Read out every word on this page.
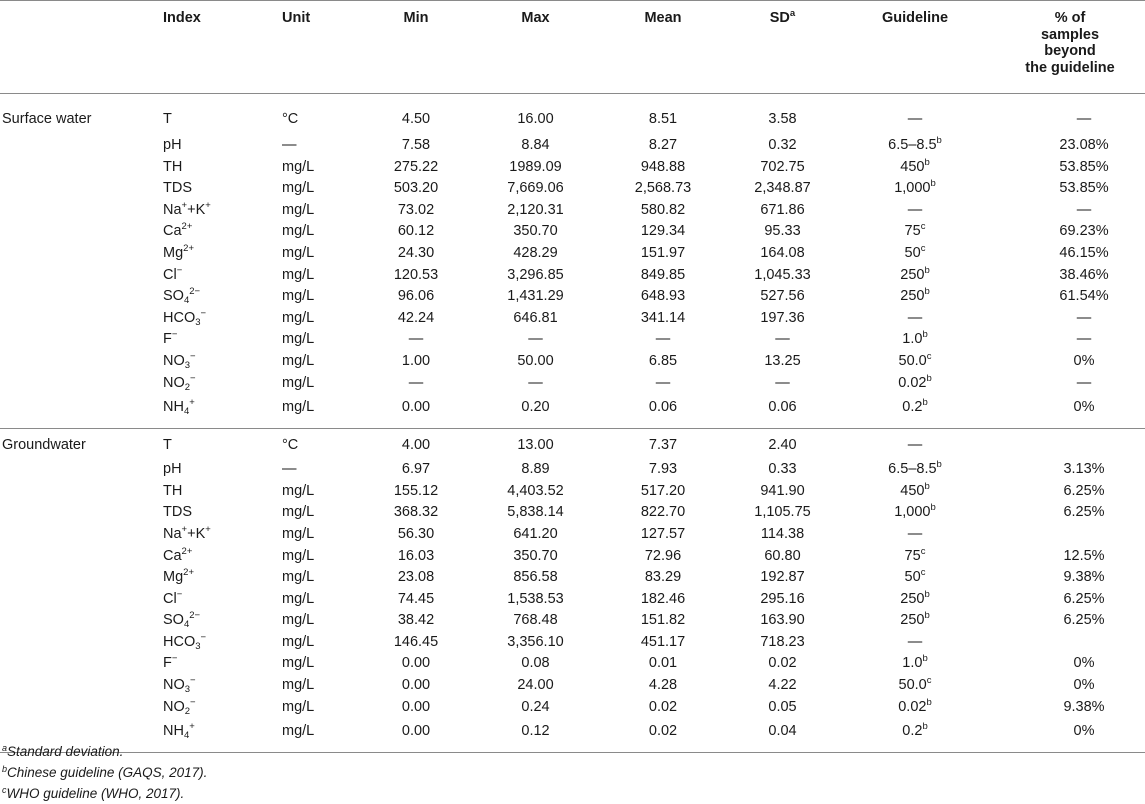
	Index	Unit	Min	Max	Mean	$SD^a$	Guideline	% of
samples
beyond
the guideline
Surface water	T	°C	4.50	16.00	8.51	3.58	—	—
	pH	—	7.58	8.84	8.27	0.32	6.5–8.5$^b$	23.08%
	TH	mg/L	275.22	1989.09	948.88	702.75	450$^b$	53.85%
	TDS	mg/L	503.20	7,669.06	2,568.73	2,348.87	1,000$^b$	53.85%
	Na++K+	mg/L	73.02	2,120.31	580.82	671.86	—	—
	$Ca^{2+}$	mg/L	60.12	350.70	129.34	95.33	75$^c$	69.23%
	$Mg^{2+}$	mg/L	24.30	428.29	151.97	164.08	50$^c$	46.15%
	Cl−	mg/L	120.53	3,296.85	849.85	1,045.33	250$^b$	38.46%
	$SO_4^{2-}$	mg/L	96.06	1,431.29	648.93	527.56	250$^b$	61.54%
	$HCO_3^-$	mg/L	42.24	646.81	341.14	197.36	—	—
	F−	mg/L	—	—	—	—	1.0$^b$	—
	$NO_3^-$	mg/L	1.00	50.00	6.85	13.25	50.0$^c$	0%
	$NO_2^-$	mg/L	—	—	—	—	0.02$^b$	—
	$NH_4^+$	mg/L	0.00	0.20	0.06	0.06	0.2$^b$	0%
Groundwater	T	°C	4.00	13.00	7.37	2.40	—	
	pH	—	6.97	8.89	7.93	0.33	6.5–8.5$^b$	3.13%
	TH	mg/L	155.12	4,403.52	517.20	941.90	450$^b$	6.25%
	TDS	mg/L	368.32	5,838.14	822.70	1,105.75	1,000$^b$	6.25%
	Na++K+	mg/L	56.30	641.20	127.57	114.38	—	
	$Ca^{2+}$	mg/L	16.03	350.70	72.96	60.80	75$^c$	12.5%
	$Mg^{2+}$	mg/L	23.08	856.58	83.29	192.87	50$^c$	9.38%
	Cl−	mg/L	74.45	1,538.53	182.46	295.16	250$^b$	6.25%
	$SO_4^{2-}$	mg/L	38.42	768.48	151.82	163.90	250$^b$	6.25%
	$HCO_3^-$	mg/L	146.45	3,356.10	451.17	718.23	—	
	F−	mg/L	0.00	0.08	0.01	0.02	1.0$^b$	0%
	$NO_3^-$	mg/L	0.00	24.00	4.28	4.22	50.0$^c$	0%
	$NO_2^-$	mg/L	0.00	0.24	0.02	0.05	0.02$^b$	9.38%
	$NH_4^+$	mg/L	0.00	0.12	0.02	0.04	0.2$^b$	0%
$^a$Standard deviation.
$^b$Chinese guideline (GAQS, 2017).
$^c$WHO guideline (WHO, 2017).
